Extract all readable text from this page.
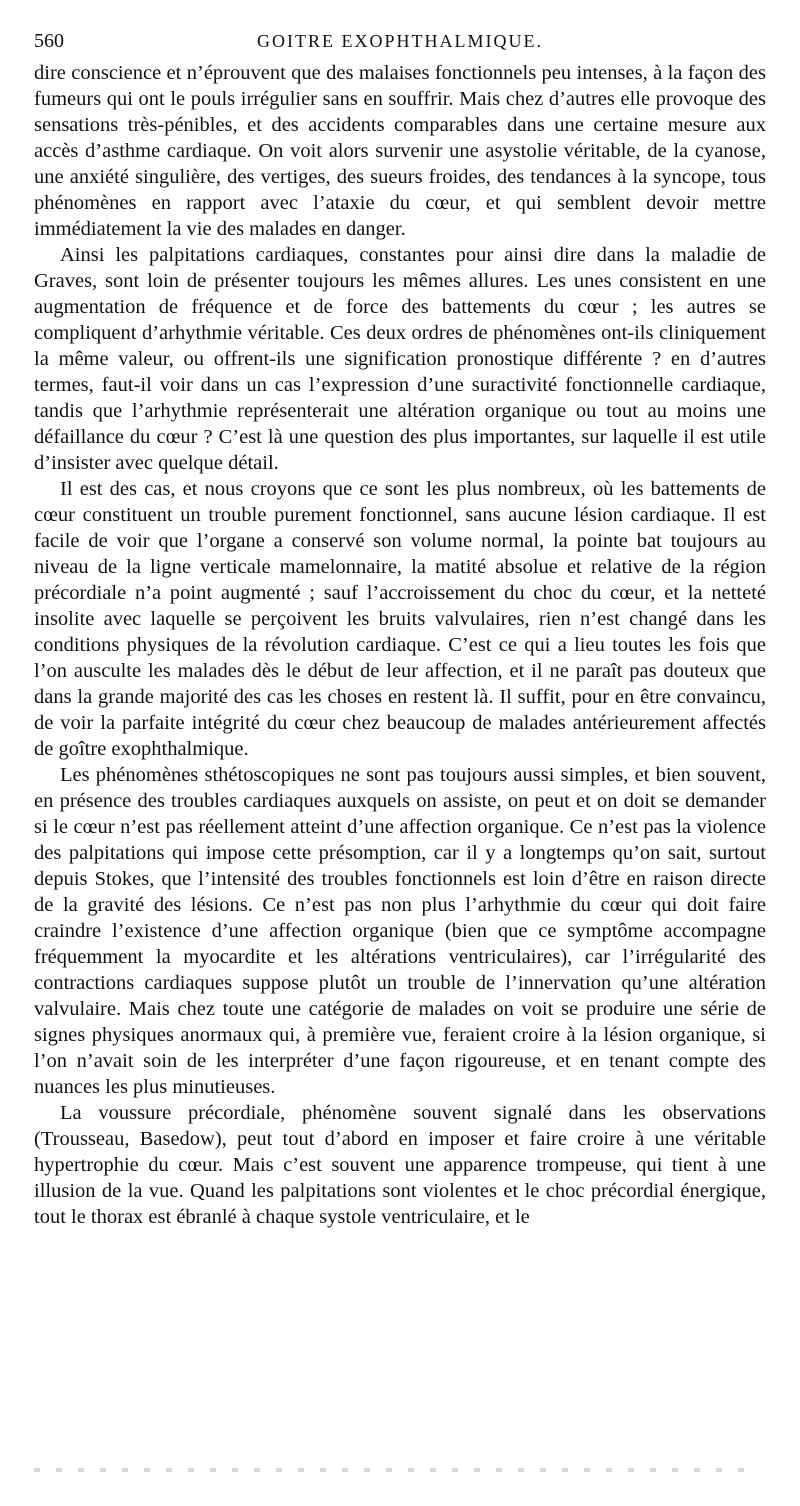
560	GOITRE EXOPHTHALMIQUE.

dire conscience et n’éprouvent que des malaises fonctionnels peu intenses, à la façon des fumeurs qui ont le pouls irrégulier sans en souffrir. Mais chez d’autres elle provoque des sensations très-pénibles, et des accidents comparables dans une certaine mesure aux accès d’asthme cardiaque. On voit alors survenir une asystolie véritable, de la cyanose, une anxiété singulière, des vertiges, des sueurs froides, des tendances à la syncope, tous phénomènes en rapport avec l’ataxie du cœur, et qui semblent devoir mettre immédiatement la vie des malades en danger.

Ainsi les palpitations cardiaques, constantes pour ainsi dire dans la maladie de Graves, sont loin de présenter toujours les mêmes allures. Les unes consistent en une augmentation de fréquence et de force des battements du cœur ; les autres se compliquent d’arhythmie véritable. Ces deux ordres de phénomènes ont-ils cliniquement la même valeur, ou offrent-ils une signification pronostique différente ? en d’autres termes, faut-il voir dans un cas l’expression d’une suractivité fonctionnelle cardiaque, tandis que l’arhythmie représenterait une altération organique ou tout au moins une défaillance du cœur ? C’est là une question des plus importantes, sur laquelle il est utile d’insister avec quelque détail.

Il est des cas, et nous croyons que ce sont les plus nombreux, où les battements de cœur constituent un trouble purement fonctionnel, sans aucune lésion cardiaque. Il est facile de voir que l’organe a conservé son volume normal, la pointe bat toujours au niveau de la ligne verticale mamelonnaire, la matité absolue et relative de la région précordiale n’a point augmenté ; sauf l’accroissement du choc du cœur, et la netteté insolite avec laquelle se perçoivent les bruits valvulaires, rien n’est changé dans les conditions physiques de la révolution cardiaque. C’est ce qui a lieu toutes les fois que l’on ausculte les malades dès le début de leur affection, et il ne paraît pas douteux que dans la grande majorité des cas les choses en restent là. Il suffit, pour en être convaincu, de voir la parfaite intégrité du cœur chez beaucoup de malades antérieurement affectés de goître exophthalmique.

Les phénomènes sthétoscopiques ne sont pas toujours aussi simples, et bien souvent, en présence des troubles cardiaques auxquels on assiste, on peut et on doit se demander si le cœur n’est pas réellement atteint d’une affection organique. Ce n’est pas la violence des palpitations qui impose cette présomption, car il y a longtemps qu’on sait, surtout depuis Stokes, que l’intensité des troubles fonctionnels est loin d’être en raison directe de la gravité des lésions. Ce n’est pas non plus l’arhythmie du cœur qui doit faire craindre l’existence d’une affection organique (bien que ce symptôme accompagne fréquemment la myocardite et les altérations ventriculaires), car l’irrégularité des contractions cardiaques suppose plutôt un trouble de l’innervation qu’une altération valvulaire. Mais chez toute une catégorie de malades on voit se produire une série de signes physiques anormaux qui, à première vue, feraient croire à la lésion organique, si l’on n’avait soin de les interpréter d’une façon rigoureuse, et en tenant compte des nuances les plus minutieuses.

La voussure précordiale, phénomène souvent signalé dans les observations (Trousseau, Basedow), peut tout d’abord en imposer et faire croire à une véritable hypertrophie du cœur. Mais c’est souvent une apparence trompeuse, qui tient à une illusion de la vue. Quand les palpitations sont violentes et le choc précordial énergique, tout le thorax est ébranlé à chaque systole ventriculaire, et le
